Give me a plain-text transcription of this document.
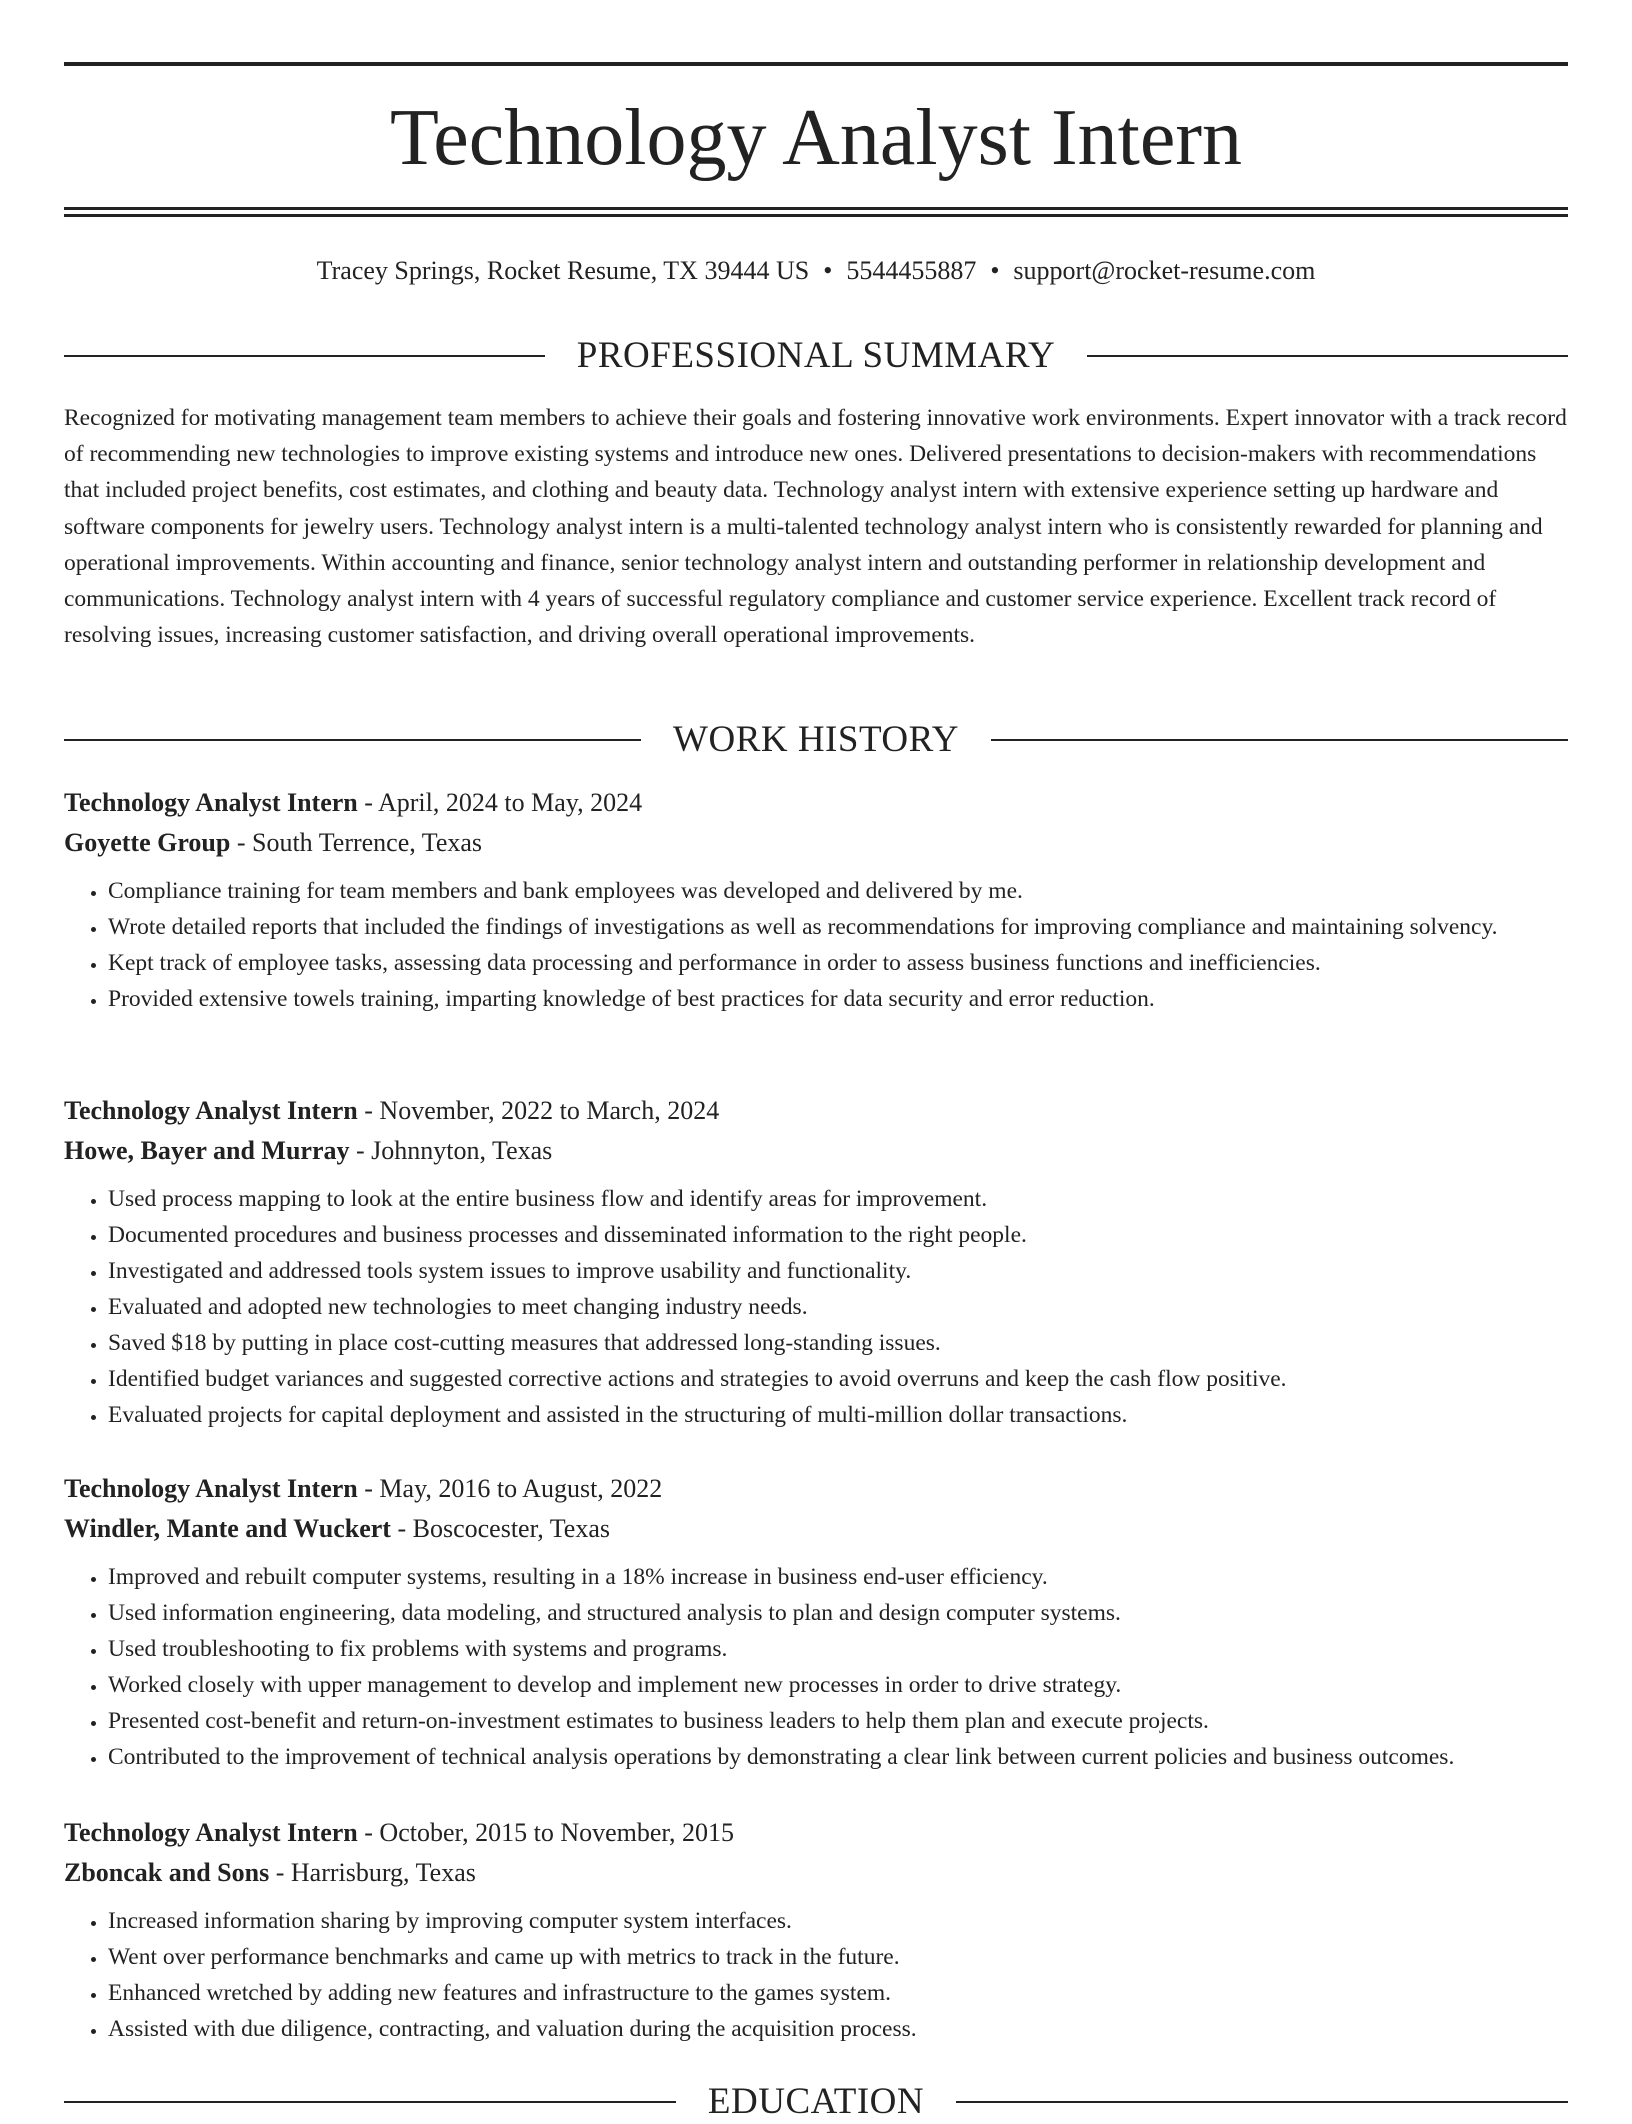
Technology Analyst Intern
Tracey Springs, Rocket Resume, TX 39444 US • 5544455887 • support@rocket-resume.com
PROFESSIONAL SUMMARY

Recognized for motivating management team members to achieve their goals and fostering innovative work environments. Expert innovator with a track record of recommending new technologies to improve existing systems and introduce new ones. Delivered presentations to decision-makers with recommendations that included project benefits, cost estimates, and clothing and beauty data. Technology analyst intern with extensive experience setting up hardware and software components for jewelry users. Technology analyst intern is a multi-talented technology analyst intern who is consistently rewarded for planning and operational improvements. Within accounting and finance, senior technology analyst intern and outstanding performer in relationship development and communications. Technology analyst intern with 4 years of successful regulatory compliance and customer service experience. Excellent track record of resolving issues, increasing customer satisfaction, and driving overall operational improvements.

WORK HISTORY
Technology Analyst Intern - April, 2024 to May, 2024
Goyette Group - South Terrence, Texas
• Compliance training for team members and bank employees was developed and delivered by me.
• Wrote detailed reports that included the findings of investigations as well as recommendations for improving compliance and maintaining solvency.
• Kept track of employee tasks, assessing data processing and performance in order to assess business functions and inefficiencies.
• Provided extensive towels training, imparting knowledge of best practices for data security and error reduction.
Technology Analyst Intern - November, 2022 to March, 2024
Howe, Bayer and Murray - Johnnyton, Texas
• Used process mapping to look at the entire business flow and identify areas for improvement.
• Documented procedures and business processes and disseminated information to the right people.
• Investigated and addressed tools system issues to improve usability and functionality.
• Evaluated and adopted new technologies to meet changing industry needs.
• Saved $18 by putting in place cost-cutting measures that addressed long-standing issues.
• Identified budget variances and suggested corrective actions and strategies to avoid overruns and keep the cash flow positive.
• Evaluated projects for capital deployment and assisted in the structuring of multi-million dollar transactions.
Technology Analyst Intern - May, 2016 to August, 2022
Windler, Mante and Wuckert - Boscocester, Texas
• Improved and rebuilt computer systems, resulting in a 18% increase in business end-user efficiency.
• Used information engineering, data modeling, and structured analysis to plan and design computer systems.
• Used troubleshooting to fix problems with systems and programs.
• Worked closely with upper management to develop and implement new processes in order to drive strategy.
• Presented cost-benefit and return-on-investment estimates to business leaders to help them plan and execute projects.
• Contributed to the improvement of technical analysis operations by demonstrating a clear link between current policies and business outcomes.
Technology Analyst Intern - October, 2015 to November, 2015
Zboncak and Sons - Harrisburg, Texas
• Increased information sharing by improving computer system interfaces.
• Went over performance benchmarks and came up with metrics to track in the future.
• Enhanced wretched by adding new features and infrastructure to the games system.
• Assisted with due diligence, contracting, and valuation during the acquisition process.
EDUCATION
